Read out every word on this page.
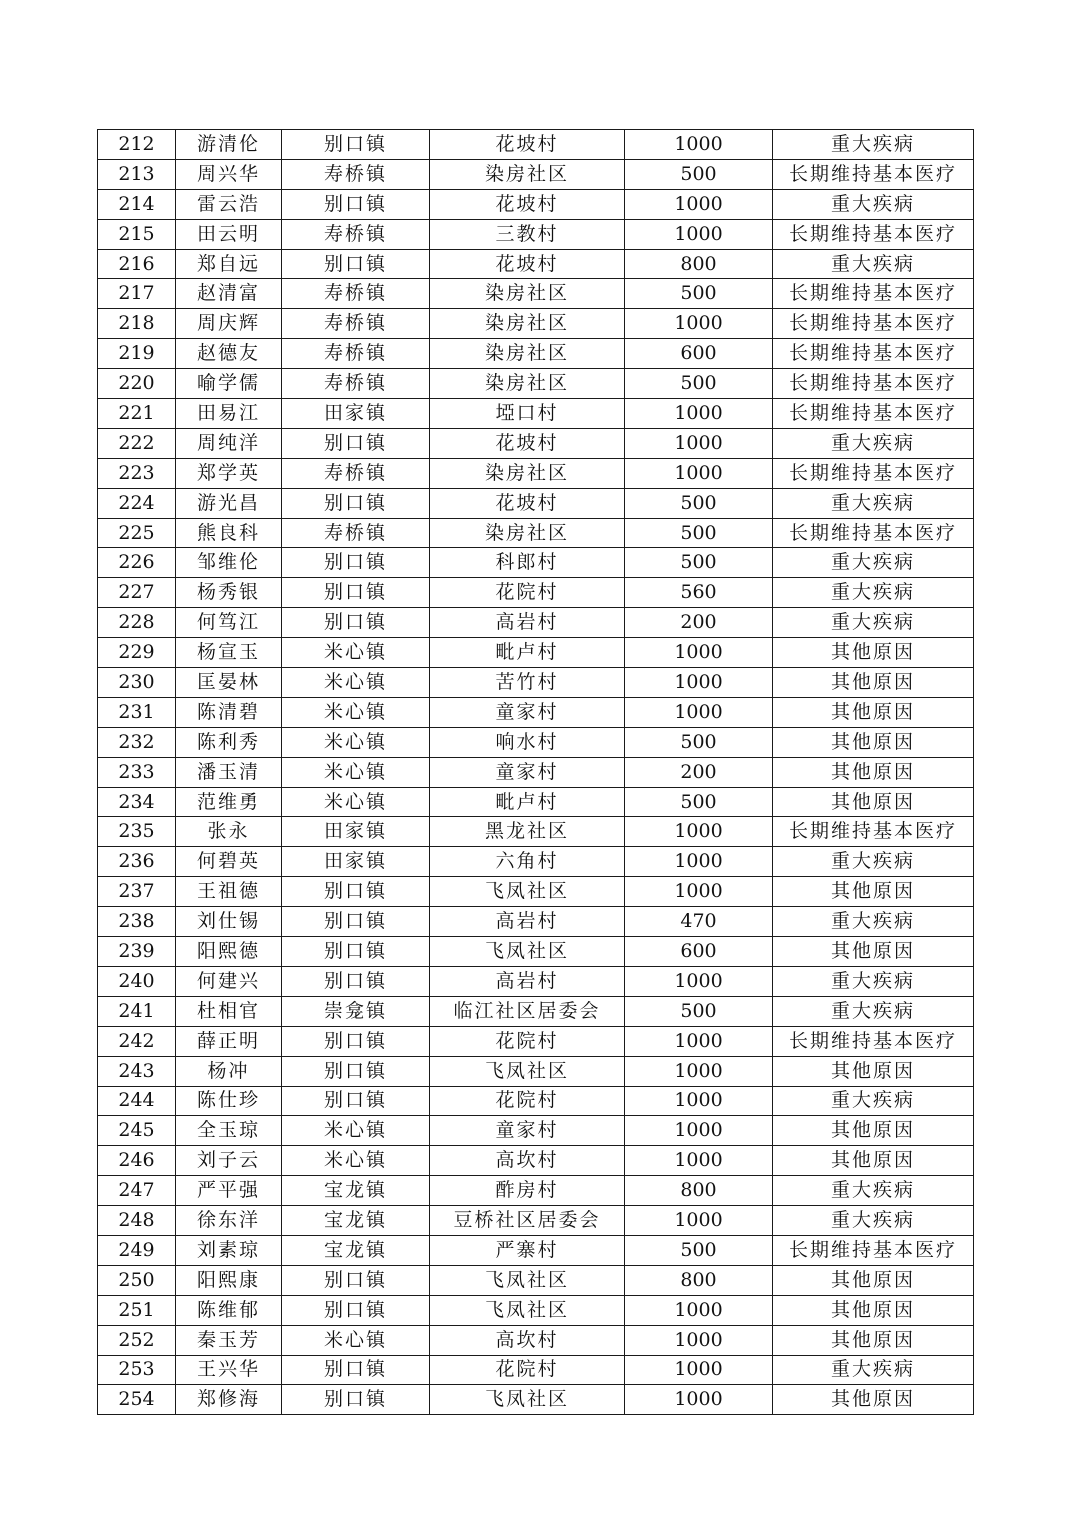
212	游清伦	别口镇	花坡村	1000	重大疾病
213	周兴华	寿桥镇	染房社区	500	长期维持基本医疗
214	雷云浩	别口镇	花坡村	1000	重大疾病
215	田云明	寿桥镇	三教村	1000	长期维持基本医疗
216	郑自远	别口镇	花坡村	800	重大疾病
217	赵清富	寿桥镇	染房社区	500	长期维持基本医疗
218	周庆辉	寿桥镇	染房社区	1000	长期维持基本医疗
219	赵德友	寿桥镇	染房社区	600	长期维持基本医疗
220	喻学儒	寿桥镇	染房社区	500	长期维持基本医疗
221	田易江	田家镇	埡口村	1000	长期维持基本医疗
222	周纯洋	别口镇	花坡村	1000	重大疾病
223	郑学英	寿桥镇	染房社区	1000	长期维持基本医疗
224	游光昌	别口镇	花坡村	500	重大疾病
225	熊良科	寿桥镇	染房社区	500	长期维持基本医疗
226	邹维伦	别口镇	科郎村	500	重大疾病
227	杨秀银	别口镇	花院村	560	重大疾病
228	何笃江	别口镇	高岩村	200	重大疾病
229	杨宣玉	米心镇	毗卢村	1000	其他原因
230	匡晏林	米心镇	苦竹村	1000	其他原因
231	陈清碧	米心镇	童家村	1000	其他原因
232	陈利秀	米心镇	响水村	500	其他原因
233	潘玉清	米心镇	童家村	200	其他原因
234	范维勇	米心镇	毗卢村	500	其他原因
235	张永	田家镇	黑龙社区	1000	长期维持基本医疗
236	何碧英	田家镇	六角村	1000	重大疾病
237	王祖德	别口镇	飞凤社区	1000	其他原因
238	刘仕锡	别口镇	高岩村	470	重大疾病
239	阳熙德	别口镇	飞凤社区	600	其他原因
240	何建兴	别口镇	高岩村	1000	重大疾病
241	杜相官	崇龛镇	临江社区居委会	500	重大疾病
242	薛正明	别口镇	花院村	1000	长期维持基本医疗
243	杨冲	别口镇	飞凤社区	1000	其他原因
244	陈仕珍	别口镇	花院村	1000	重大疾病
245	全玉琼	米心镇	童家村	1000	其他原因
246	刘子云	米心镇	高坎村	1000	其他原因
247	严平强	宝龙镇	酢房村	800	重大疾病
248	徐东洋	宝龙镇	豆桥社区居委会	1000	重大疾病
249	刘素琼	宝龙镇	严寨村	500	长期维持基本医疗
250	阳熙康	别口镇	飞凤社区	800	其他原因
251	陈维郁	别口镇	飞凤社区	1000	其他原因
252	秦玉芳	米心镇	高坎村	1000	其他原因
253	王兴华	别口镇	花院村	1000	重大疾病
254	郑修海	别口镇	飞凤社区	1000	其他原因
